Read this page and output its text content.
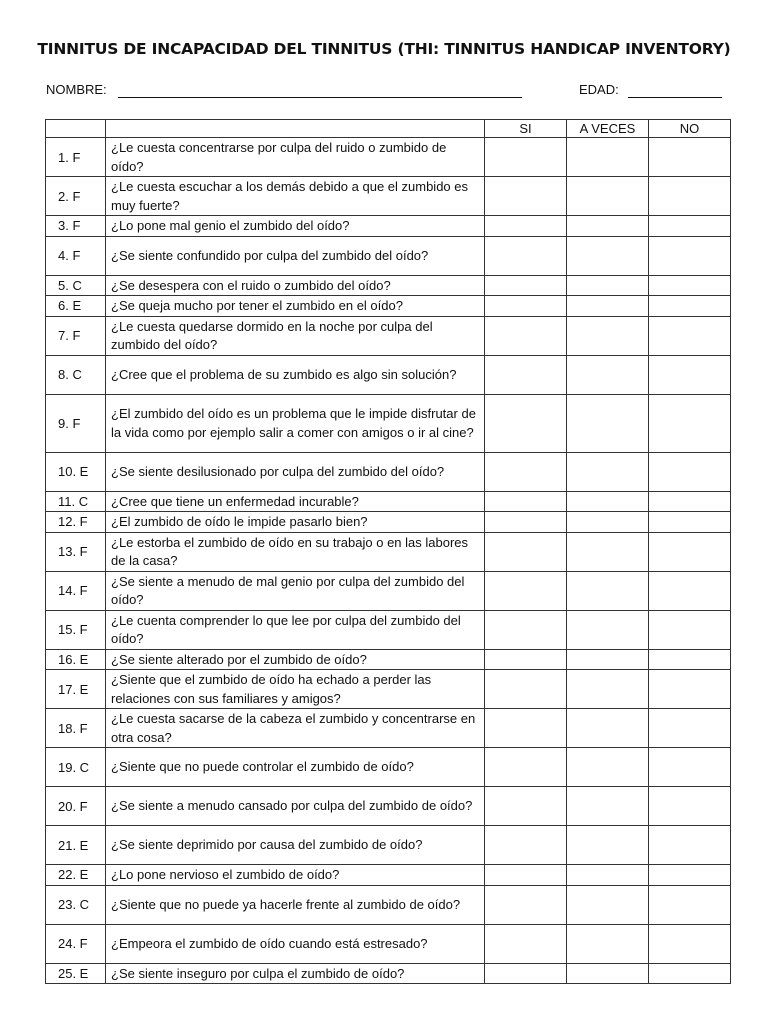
TINNITUS DE INCAPACIDAD DEL TINNITUS (THI: TINNITUS HANDICAP INVENTORY)
NOMBRE:	EDAD:
		SI	A VECES	NO
1. F	¿Le cuesta concentrarse por culpa del ruido o zumbido de oído?			
2. F	¿Le cuesta escuchar a los demás debido a que el zumbido es muy fuerte?			
3. F	¿Lo pone mal genio el zumbido del oído?			
4. F	¿Se siente confundido por culpa del zumbido del oído?			
5. C	¿Se desespera con el ruido o zumbido del oído?			
6. E	¿Se queja mucho por tener el zumbido en el oído?			
7. F	¿Le cuesta quedarse dormido en la noche por culpa del zumbido del oído?			
8. C	¿Cree que el problema de su zumbido es algo sin solución?			
9. F	¿El zumbido del oído es un problema que le impide disfrutar de la vida como por ejemplo salir a comer con amigos o ir al cine?			
10. E	¿Se siente desilusionado por culpa del zumbido del oído?			
11. C	¿Cree que tiene un enfermedad incurable?			
12. F	¿El zumbido de oído le impide pasarlo bien?			
13. F	¿Le estorba el zumbido de oído en su trabajo o en las labores de la casa?			
14. F	¿Se siente a menudo de mal genio por culpa del zumbido del oído?			
15. F	¿Le cuenta comprender lo que lee por culpa del zumbido del oído?			
16. E	¿Se siente alterado por el zumbido de oído?			
17. E	¿Siente que el zumbido de oído ha echado a perder las relaciones con sus familiares y amigos?			
18. F	¿Le cuesta sacarse de la cabeza el zumbido y concentrarse en otra cosa?			
19. C	¿Siente que no puede controlar el zumbido de oído?			
20. F	¿Se siente a menudo cansado por culpa del zumbido de oído?			
21. E	¿Se siente deprimido por causa del zumbido de oído?			
22. E	¿Lo pone nervioso el zumbido de oído?			
23. C	¿Siente que no puede ya hacerle frente al zumbido de oído?			
24. F	¿Empeora el zumbido de oído cuando está estresado?			
25. E	¿Se siente inseguro por culpa el zumbido de oído?			
